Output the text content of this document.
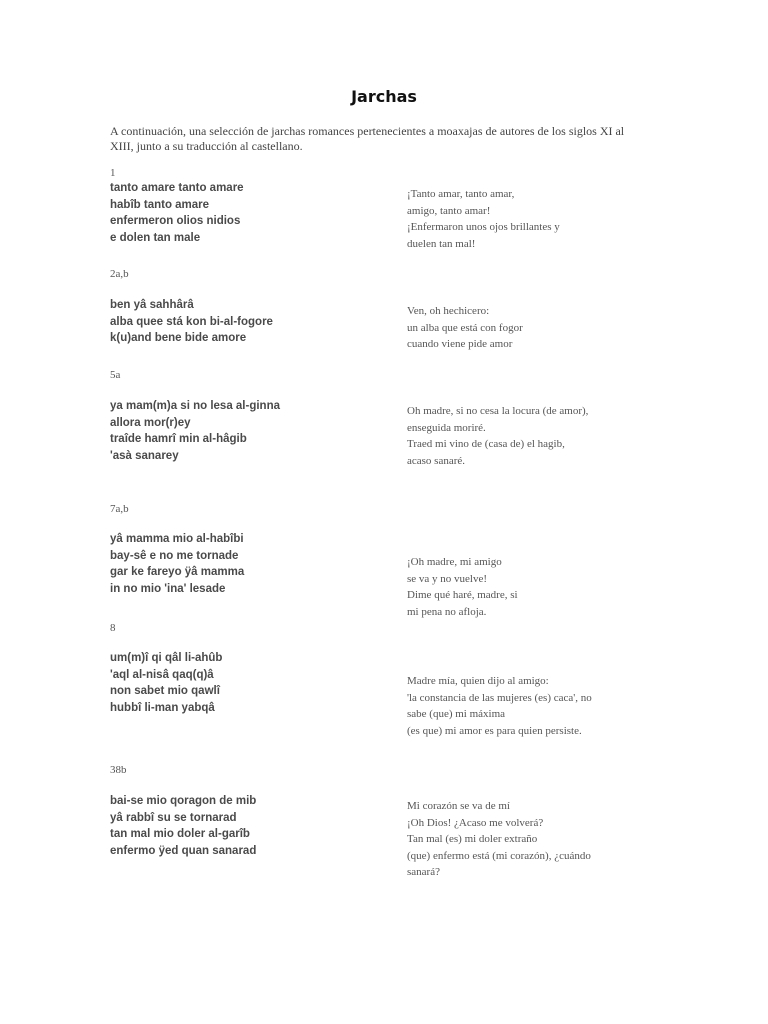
Jarchas
A continuación, una selección de jarchas romances pertenecientes a moaxajas de autores de los siglos XI al XIII, junto a su traducción al castellano.
1
tanto amare tanto amare
habîb tanto amare
enfermeron olios nidios
e dolen tan male
¡Tanto amar, tanto amar,
amigo, tanto amar!
¡Enfermaron unos ojos brillantes y
duelen tan mal!
2a,b
ben yâ sahhârâ
alba quee stá kon bi-al-fogore
k(u)and bene bide amore
Ven, oh hechicero:
un alba que está con fogor
cuando viene pide amor
5a
ya mam(m)a si no lesa al-ginna
allora mor(r)ey
traîde hamrî min al-hâgib
'asà sanarey
Oh madre, si no cesa la locura (de amor),
enseguida moriré.
Traed mi vino de (casa de) el hagib,
acaso sanaré.
7a,b
yâ mamma mio al-habîbi
bay-sê e no me tornade
gar ke fareyo ÿâ mamma
in no mio 'ina' lesade
¡Oh madre, mi amigo
se va y no vuelve!
Dime qué haré, madre, si
mi pena no afloja.
8
um(m)î qi qâl li-ahûb
'aql al-nisâ qaq(q)â
non sabet mio qawlî
hubbî li-man yabqâ
Madre mía, quien dijo al amigo:
'la constancia de las mujeres (es) caca', no
sabe (que) mi máxima
(es que) mi amor es para quien persiste.
38b
bai-se mio qoragon de mib
yâ rabbî su se tornarad
tan mal mio doler al-garîb
enfermo ÿed quan sanarad
Mi corazón se va de mí
¡Oh Dios! ¿Acaso me volverá?
Tan mal (es) mi doler extraño
(que) enfermo está (mi corazón), ¿cuándo
sanará?
